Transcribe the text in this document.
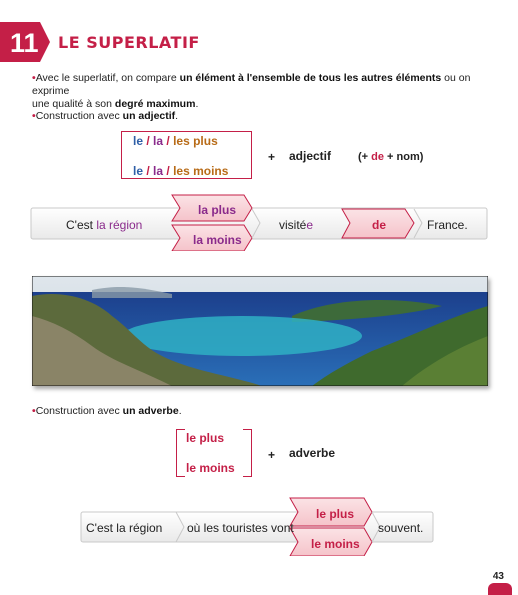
11 LE SUPERLATIF
•Avec le superlatif, on compare un élément à l'ensemble de tous les autres éléments ou on exprime
une qualité à son degré maximum.
•Construction avec un adjectif.
le / la / les plus
le / la / les moins
+ adjectif (+ de + nom)
C'est la région
la plus
la moins
visitée	de	France.
•Construction avec un adverbe.
le plus
le moins
+ adverbe
C'est la région où les touristes vont
le plus
le moins
souvent.
43
